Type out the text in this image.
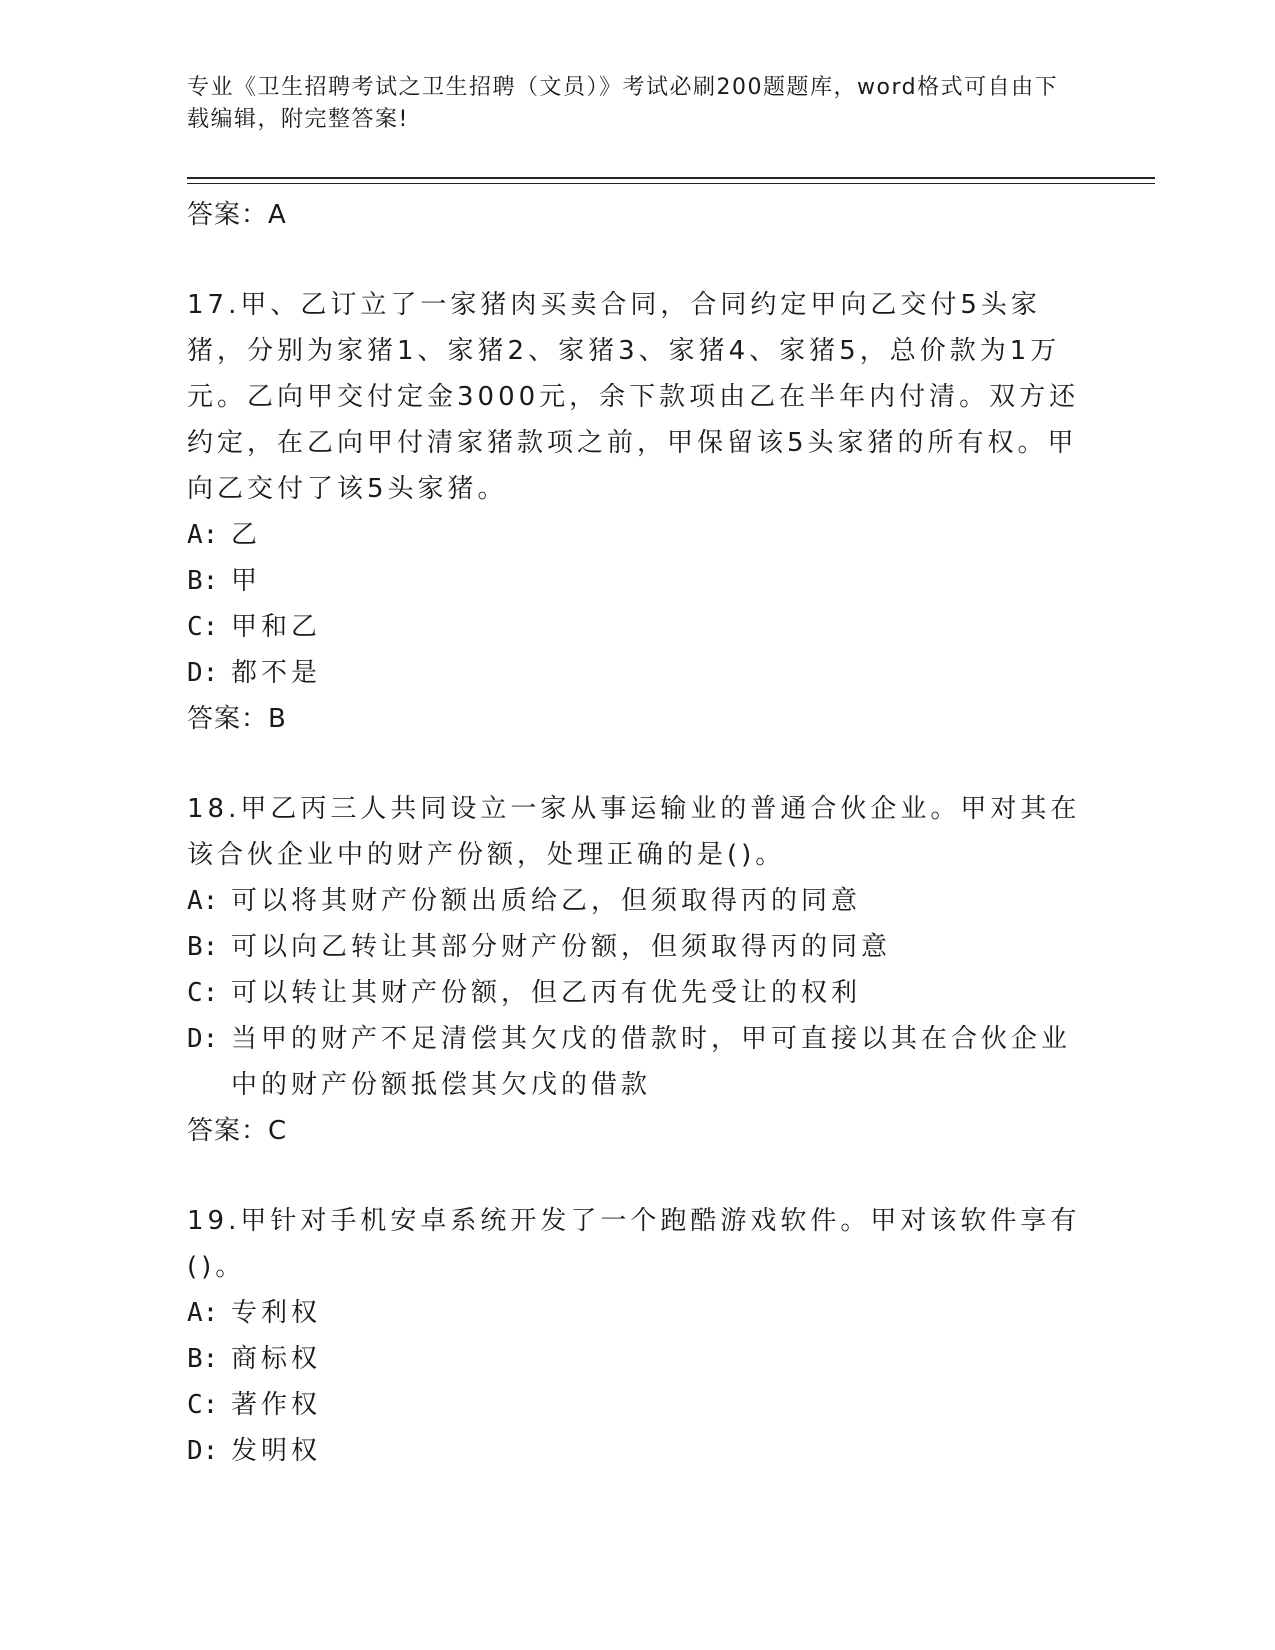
专业《卫生招聘考试之卫生招聘（文员）》考试必刷200题题库，word格式可自由下载编辑，附完整答案!
答案：A

17.甲、乙订立了一家猪肉买卖合同，合同约定甲向乙交付5头家猪，分别为家猪1、家猪2、家猪3、家猪4、家猪5，总价款为1万元。乙向甲交付定金3000元，余下款项由乙在半年内付清。双方还约定，在乙向甲付清家猪款项之前，甲保留该5头家猪的所有权。甲向乙交付了该5头家猪。

A: 乙
B: 甲
C: 甲和乙
D: 都不是
答案：B

18.甲乙丙三人共同设立一家从事运输业的普通合伙企业。甲对其在该合伙企业中的财产份额，处理正确的是()。

A: 可以将其财产份额出质给乙，但须取得丙的同意
B: 可以向乙转让其部分财产份额，但须取得丙的同意
C: 可以转让其财产份额，但乙丙有优先受让的权利
D: 当甲的财产不足清偿其欠戊的借款时，甲可直接以其在合伙企业中的财产份额抵偿其欠戊的借款
答案：C

19.甲针对手机安卓系统开发了一个跑酷游戏软件。甲对该软件享有()。

A: 专利权
B: 商标权
C: 著作权
D: 发明权
